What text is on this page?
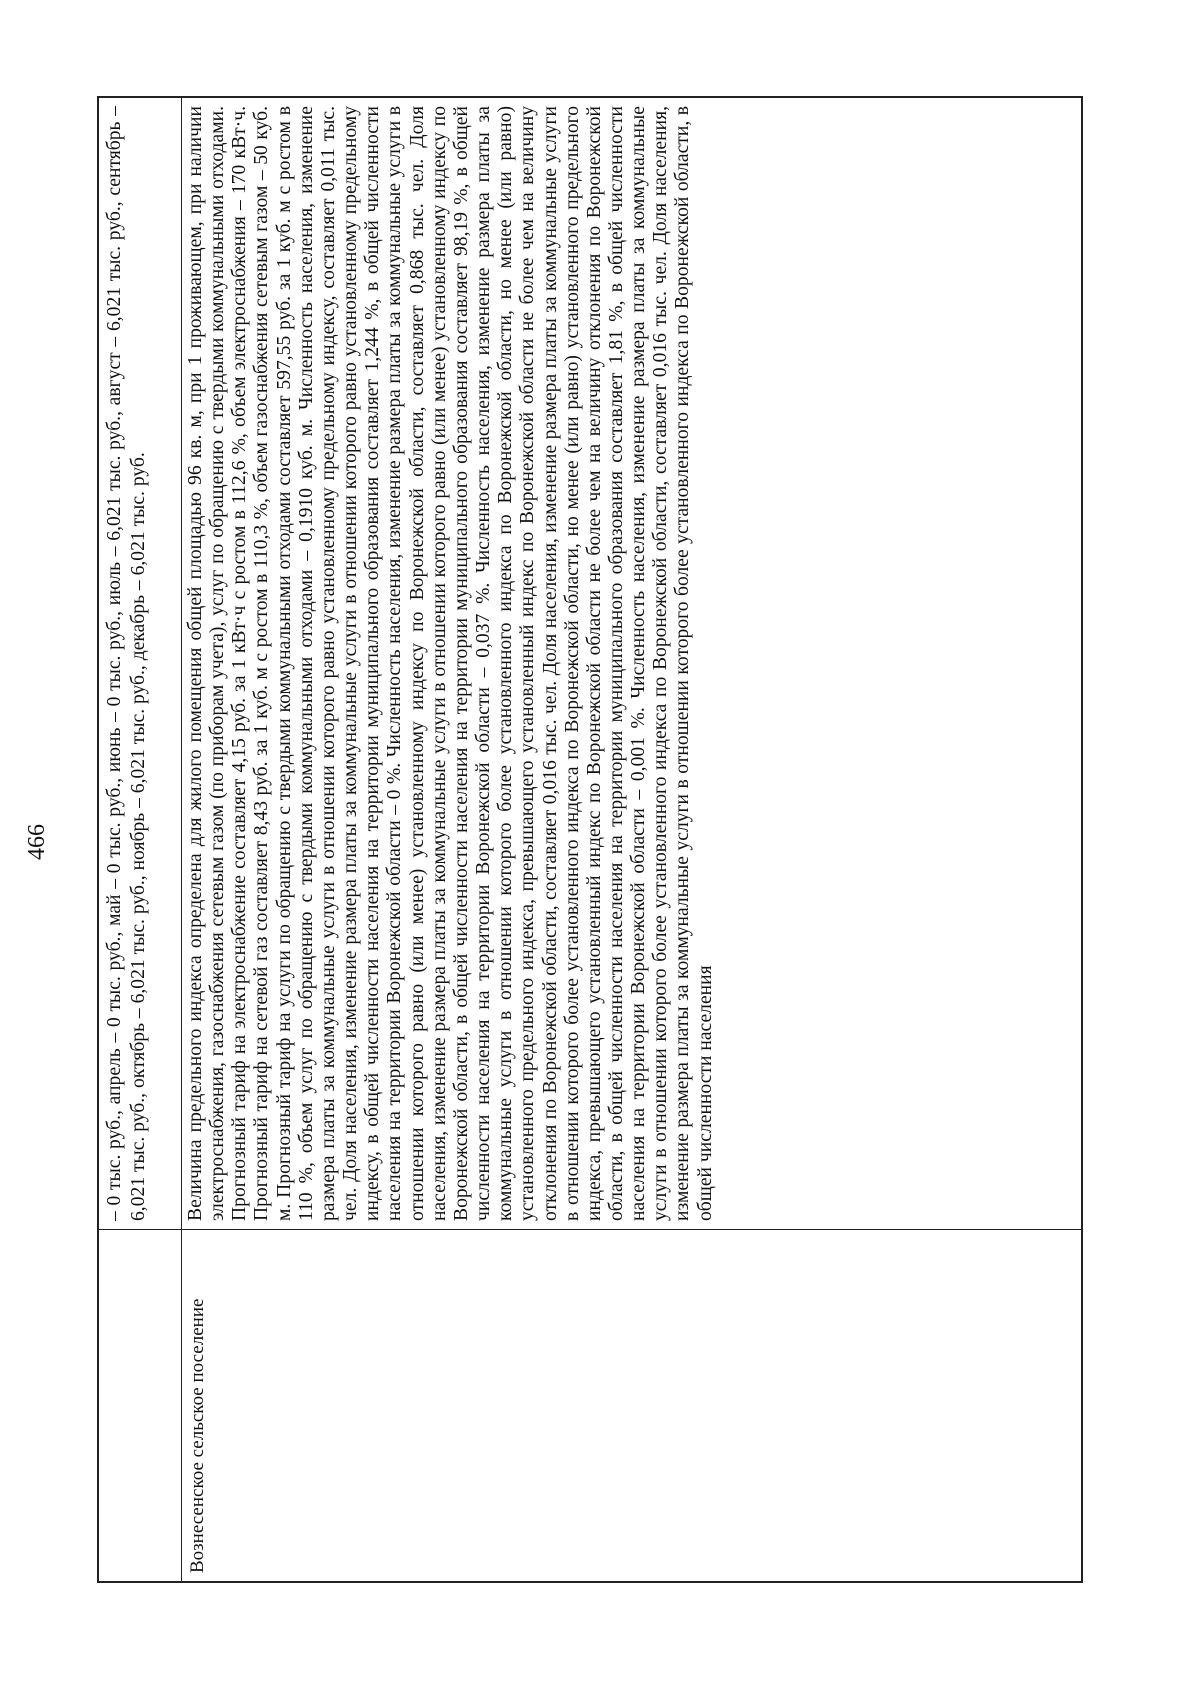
466	– 0 тыс. руб., апрель – 0 тыс. руб., май – 0 тыс. руб., июнь – 0 тыс. руб., июль – 6,021 тыс. руб., август – 6,021 тыс. руб., сентябрь – 6,021 тыс. руб., октябрь – 6,021 тыс. руб., ноябрь – 6,021 тыс. руб., декабрь – 6,021 тыс. руб.
Вознесенское сельское поселение
Величина предельного индекса определена для жилого помещения общей площадью 96 кв. м, при 1 проживающем, при наличии электроснабжения, газоснабжения сетевым газом (по приборам учета), услуг по обращению с твердыми коммунальными отходами. Прогнозный тариф на электроснабжение составляет 4,15 руб. за 1 кВт·ч с ростом в 112,6 %, объем электроснабжения – 170 кВт·ч. Прогнозный тариф на сетевой газ составляет 8,43 руб. за 1 куб. м с ростом в 110,3 %, объем газоснабжения сетевым газом – 50 куб. м. Прогнозный тариф на услуги по обращению с твердыми коммунальными отходами составляет 597,55 руб. за 1 куб. м с ростом в 110 %, объем услуг по обращению с твердыми коммунальными отходами – 0,1910 куб. м. Численность населения, изменение размера платы за коммунальные услуги в отношении которого равно установленному предельному индексу, составляет 0,011 тыс. чел. Доля населения, изменение размера платы за коммунальные услуги в отношении которого равно установленному предельному индексу, в общей численности населения на территории муниципального образования составляет 1,244 %, в общей численности населения на территории Воронежской области – 0 %. Численность населения, изменение размера платы за коммунальные услуги в отношении которого равно (или менее) установленному индексу по Воронежской области, составляет 0,868 тыс. чел. Доля населения, изменение размера платы за коммунальные услуги в отношении которого равно (или менее) установленному индексу по Воронежской области, в общей численности населения на территории муниципального образования составляет 98,19 %, в общей численности населения на территории Воронежской области – 0,037 %. Численность населения, изменение размера платы за коммунальные услуги в отношении которого более установленного индекса по Воронежской области, но менее (или равно) установленного предельного индекса, превышающего установленный индекс по Воронежской области не более чем на величину отклонения по Воронежской области, составляет 0,016 тыс. чел. Доля населения, изменение размера платы за коммунальные услуги в отношении которого более установленного индекса по Воронежской области, но менее (или равно) установленного предельного индекса, превышающего установленный индекс по Воронежской области не более чем на величину отклонения по Воронежской области, в общей численности населения на территории муниципального образования составляет 1,81 %, в общей численности населения на территории Воронежской области – 0,001 %. Численность населения, изменение размера платы за коммунальные услуги в отношении которого более установленного индекса по Воронежской области, составляет 0,016 тыс. чел. Доля населения, изменение размера платы за коммунальные услуги в отношении которого более установленного индекса по Воронежской области, в общей численности населения
